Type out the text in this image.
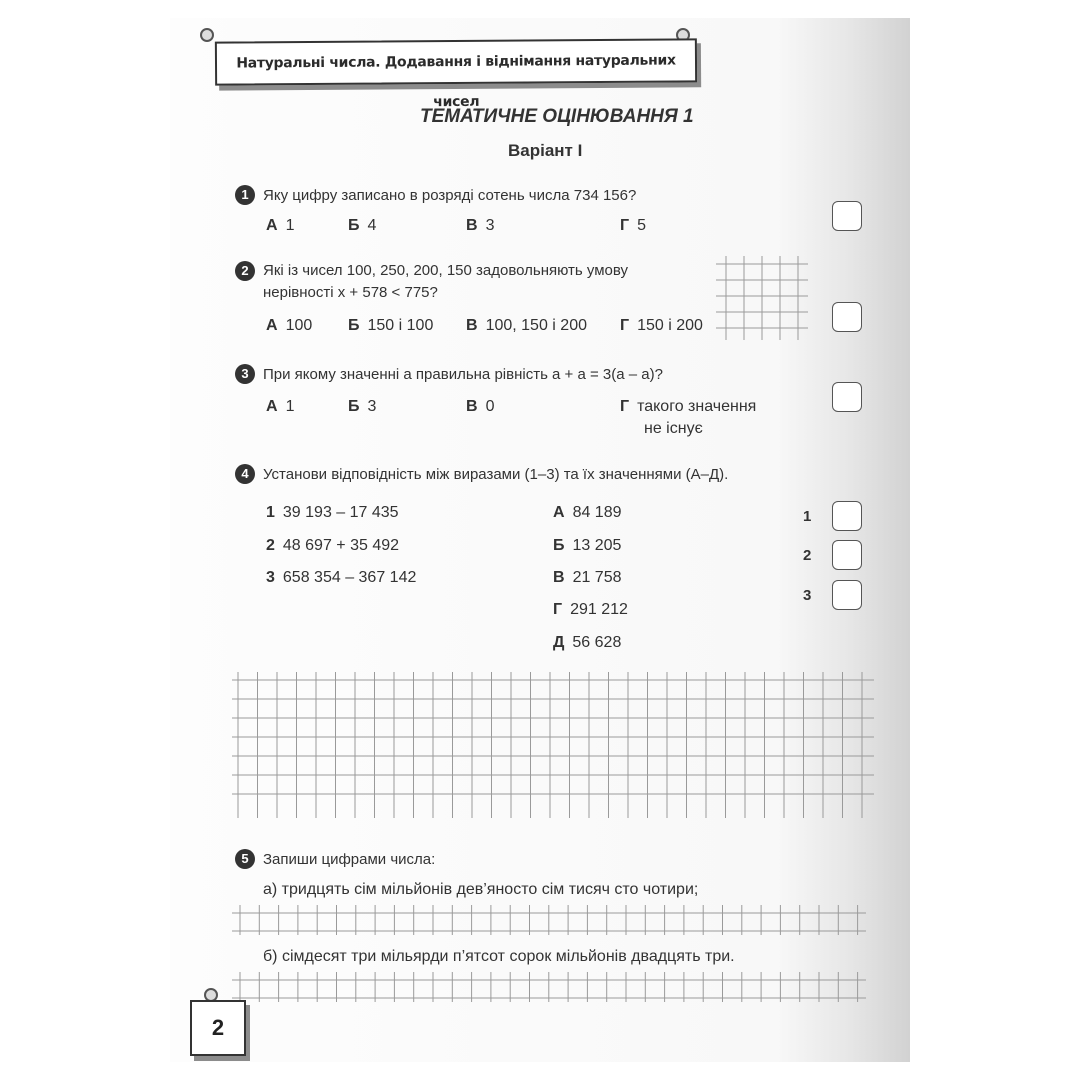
Натуральні числа. Додавання і віднімання натуральних чисел
ТЕМАТИЧНЕ ОЦІНЮВАННЯ 1
Варіант І
1 Яку цифру записано в розряді сотень числа 734 156?
А 1	Б 4	В 3	Г 5
2 Які із чисел 100, 250, 200, 150 задовольняють умову
нерівності x + 578 < 775?
А 100 Б 150 і 100 В 100, 150 і 200 Г 150 і 200
3 При якому значенні a правильна рівність a + a = 3(a – a)?
А 1	Б 3	В 0	Г такого значення
не існує
4 Установи відповідність між виразами (1–3) та їх значеннями (А–Д).
1 39 193 – 17 435
2 48 697 + 35 492
3 658 354 – 367 142
А 84 189
Б 13 205
В 21 758
Г 291 212
Д 56 628
1
2
3
5 Запиши цифрами числа:
а) тридцять сім мільйонів дев’яносто сім тисяч сто чотири;
б) сімдесят три мільярди п’ятсот сорок мільйонів двадцять три.
2
